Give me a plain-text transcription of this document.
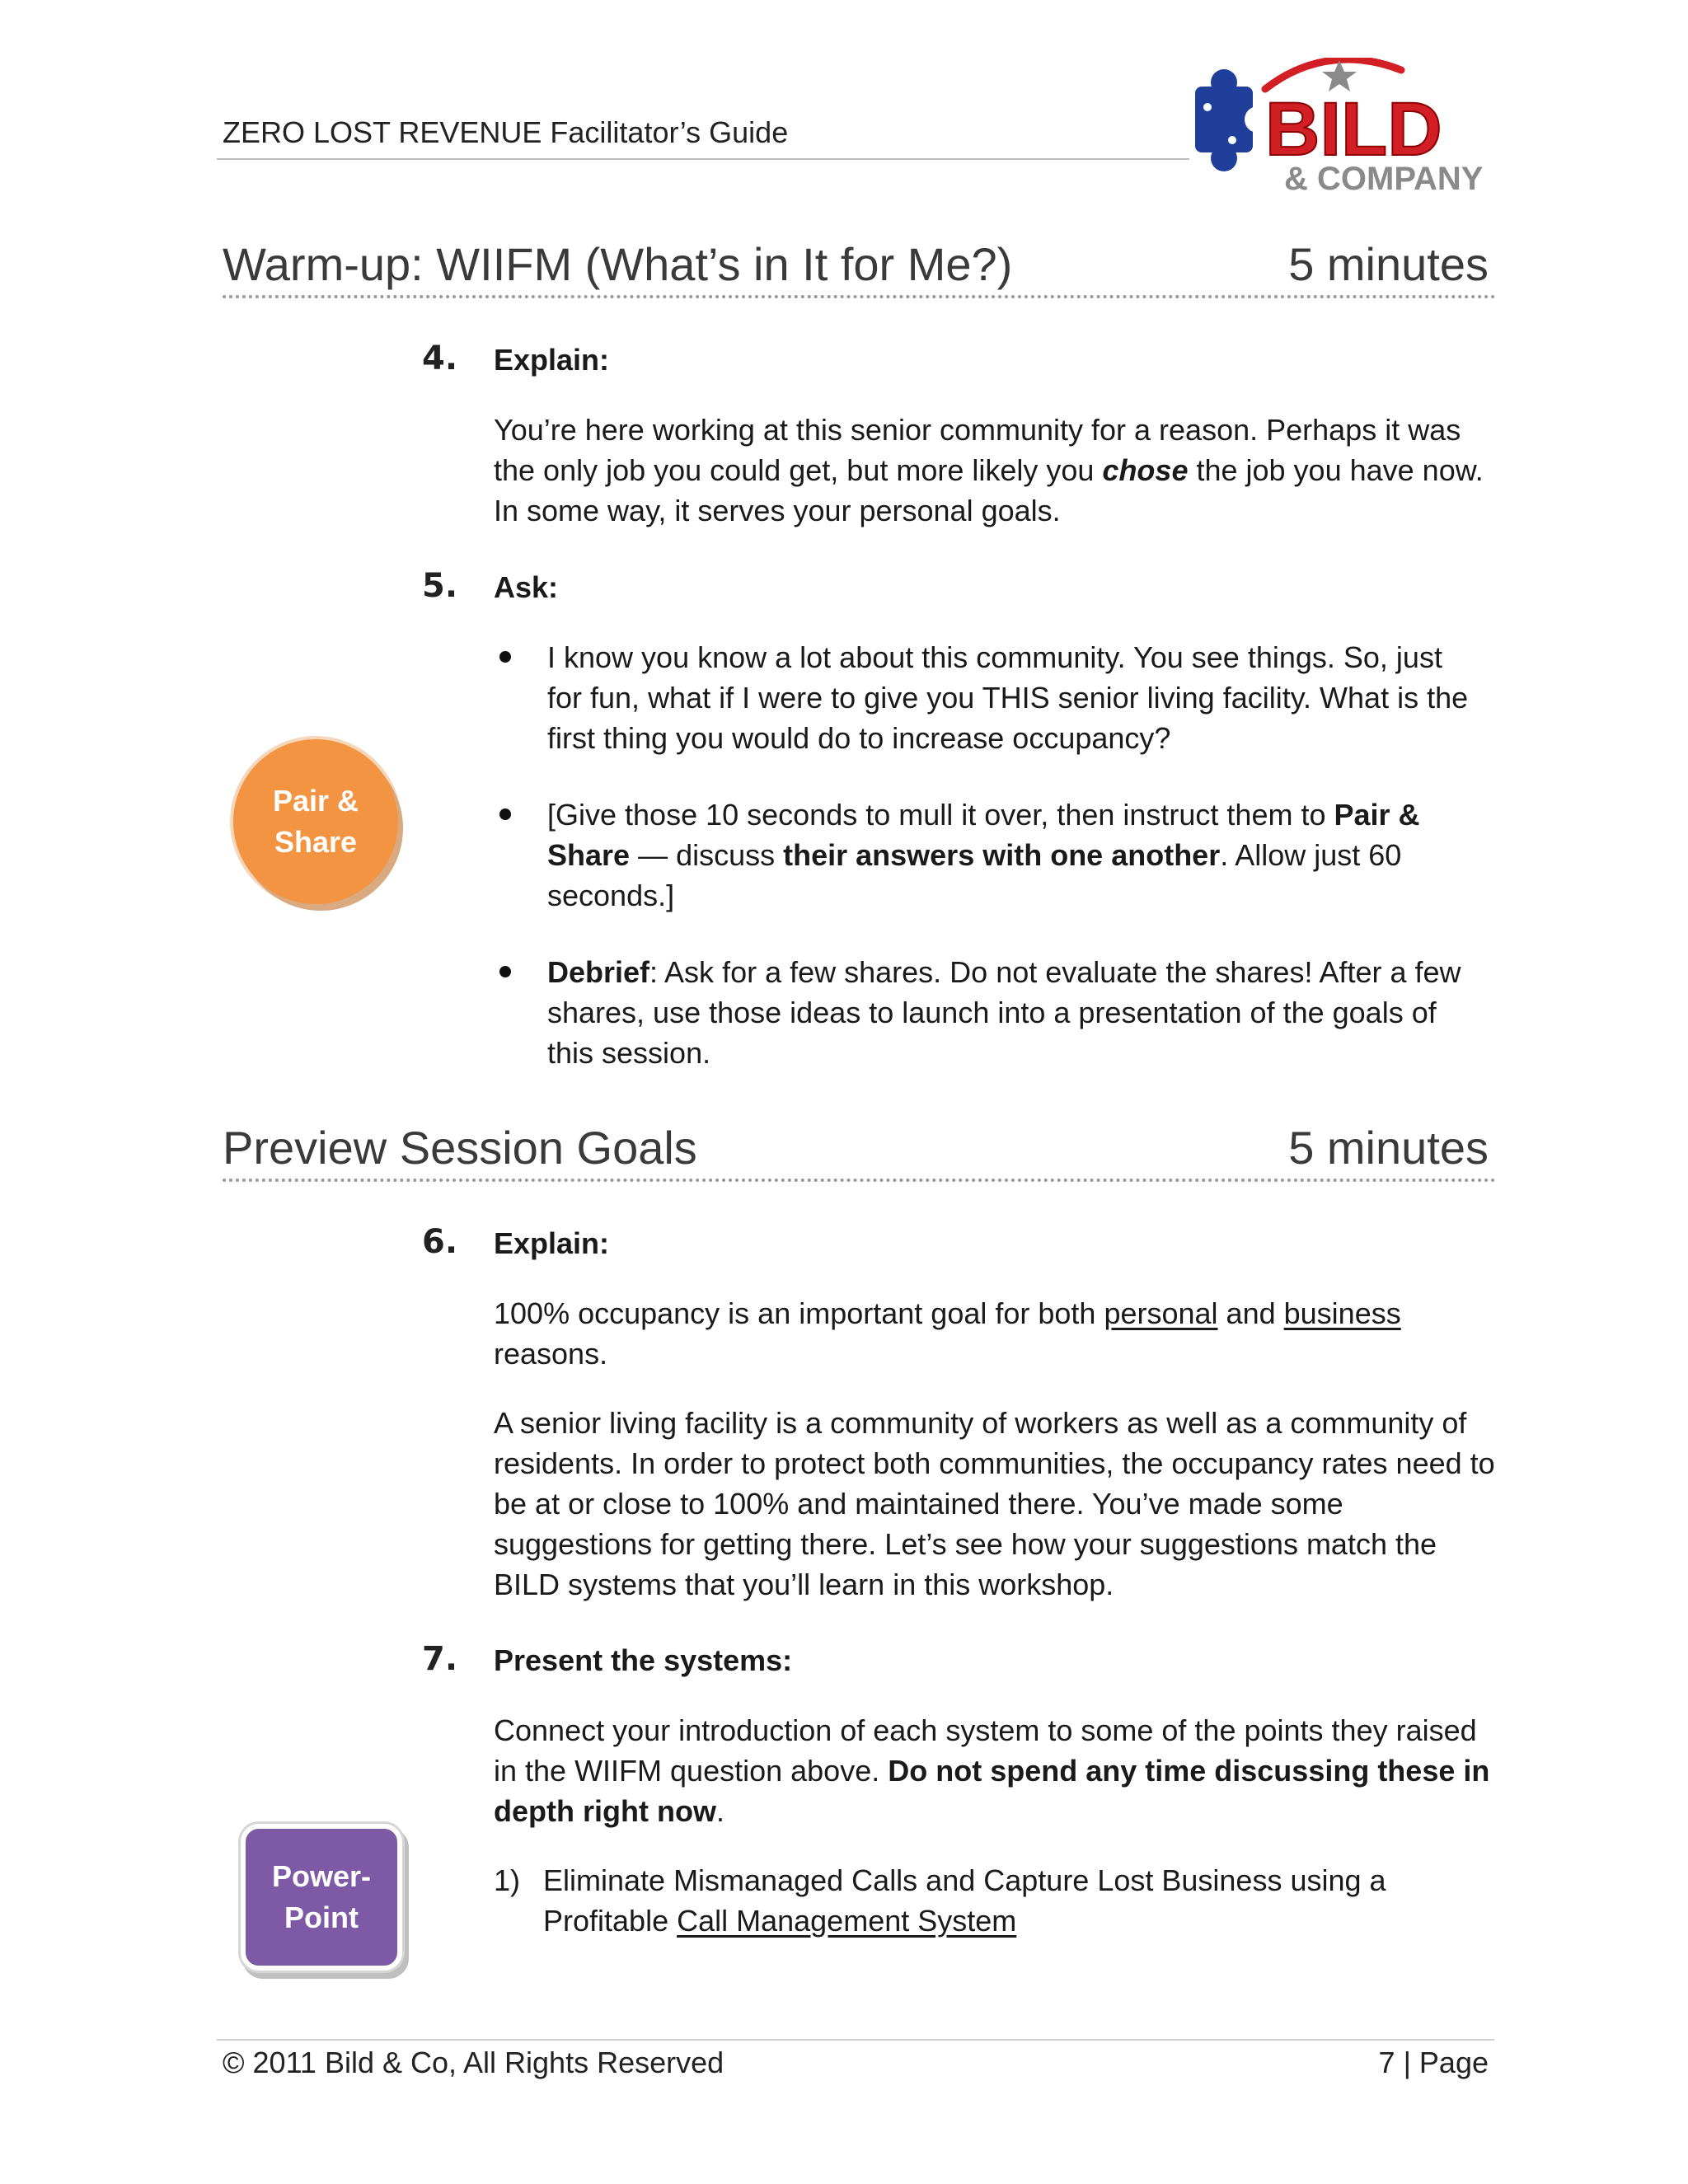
ZERO LOST REVENUE Facilitator’s Guide	BILD
& COMPANY
Warm-up: WIIFM (What’s in It for Me?)	5 minutes
4. Explain:
You’re here working at this senior community for a reason. Perhaps it was the only job you could get, but more likely you chose the job you have now. In some way, it serves your personal goals.
5. Ask:
I know you know a lot about this community. You see things. So, just for fun, what if I were to give you THIS senior living facility. What is the first thing you would do to increase occupancy?
[Give those 10 seconds to mull it over, then instruct them to Pair & Share — discuss their answers with one another. Allow just 60 seconds.]
Debrief: Ask for a few shares. Do not evaluate the shares! After a few shares, use those ideas to launch into a presentation of the goals of this session.
Pair & Share
Preview Session Goals	5 minutes
6. Explain:
100% occupancy is an important goal for both personal and business reasons.
A senior living facility is a community of workers as well as a community of residents. In order to protect both communities, the occupancy rates need to be at or close to 100% and maintained there. You’ve made some suggestions for getting there. Let’s see how your suggestions match the BILD systems that you’ll learn in this workshop.
7. Present the systems:
Connect your introduction of each system to some of the points they raised in the WIIFM question above. Do not spend any time discussing these in depth right now.
1) Eliminate Mismanaged Calls and Capture Lost Business using a Profitable Call Management System
Power-Point
© 2011 Bild & Co, All Rights Reserved	7 | Page
